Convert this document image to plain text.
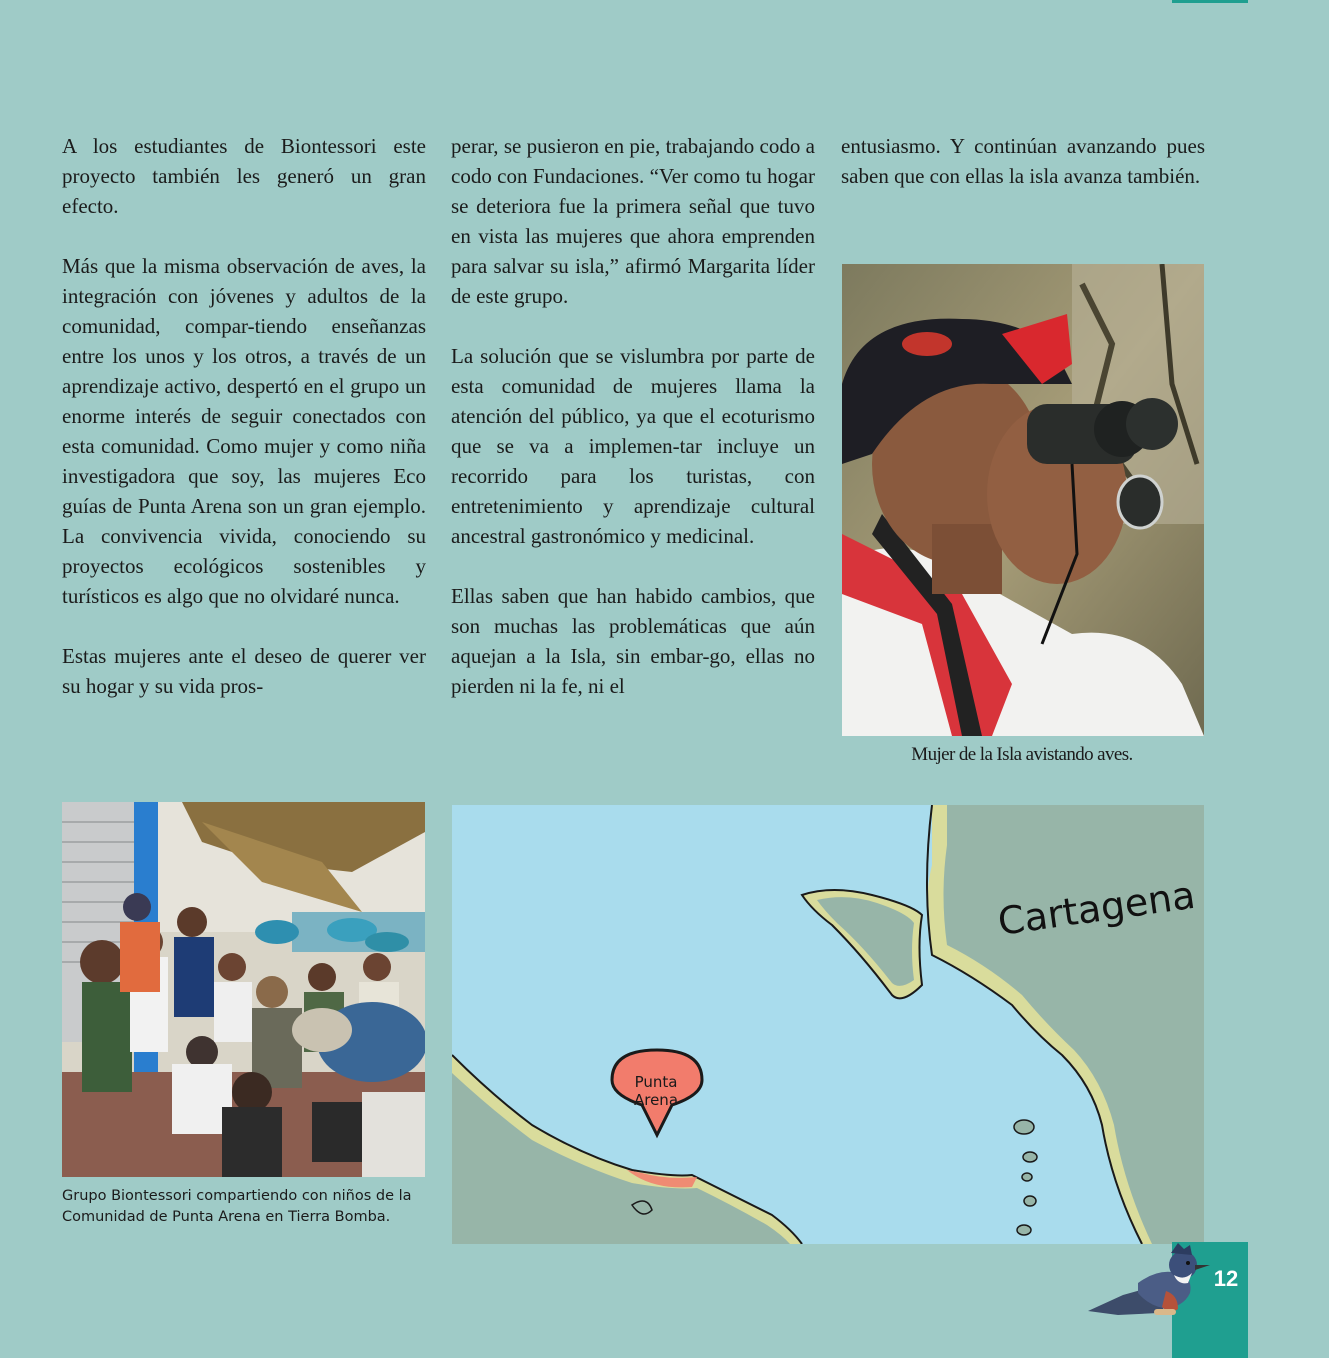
A los estudiantes de Biontessori este proyecto también les generó un gran efecto.

Más que la misma observación de aves, la integración con jóvenes y adultos de la comunidad, compar-tiendo enseñanzas entre los unos y los otros, a través de un aprendizaje activo, despertó en el grupo un enorme interés de seguir conectados con esta comunidad. Como mujer y como niña investigadora que soy, las mujeres Eco guías de Punta Arena son un gran ejemplo. La convivencia vivida, conociendo su proyectos ecológicos sostenibles y turísticos es algo que no olvidaré nunca.

Estas mujeres ante el deseo de querer ver su hogar y su vida pros-

perar, se pusieron en pie, trabajando codo a codo con Fundaciones. “Ver como tu hogar se deteriora fue la primera señal que tuvo en vista las mujeres que ahora emprenden para salvar su isla,” afirmó Margarita líder de este grupo.

La solución que se vislumbra por parte de esta comunidad de mujeres llama la atención del público, ya que el ecoturismo que se va a implemen-tar incluye un recorrido para los turistas, con entretenimiento y aprendizaje cultural ancestral gastronómico y medicinal.

Ellas saben que han habido cambios, que son muchas las problemáticas que aún aquejan a la Isla, sin embar-go, ellas no pierden ni la fe, ni el

entusiasmo. Y continúan avanzando pues saben que con ellas la isla avanza también.

Mujer de la Isla avistando aves.
Grupo Biontessori compartiendo con niños de la
Comunidad de Punta Arena en Tierra Bomba.
Punta
Arena
Cartagena
12
